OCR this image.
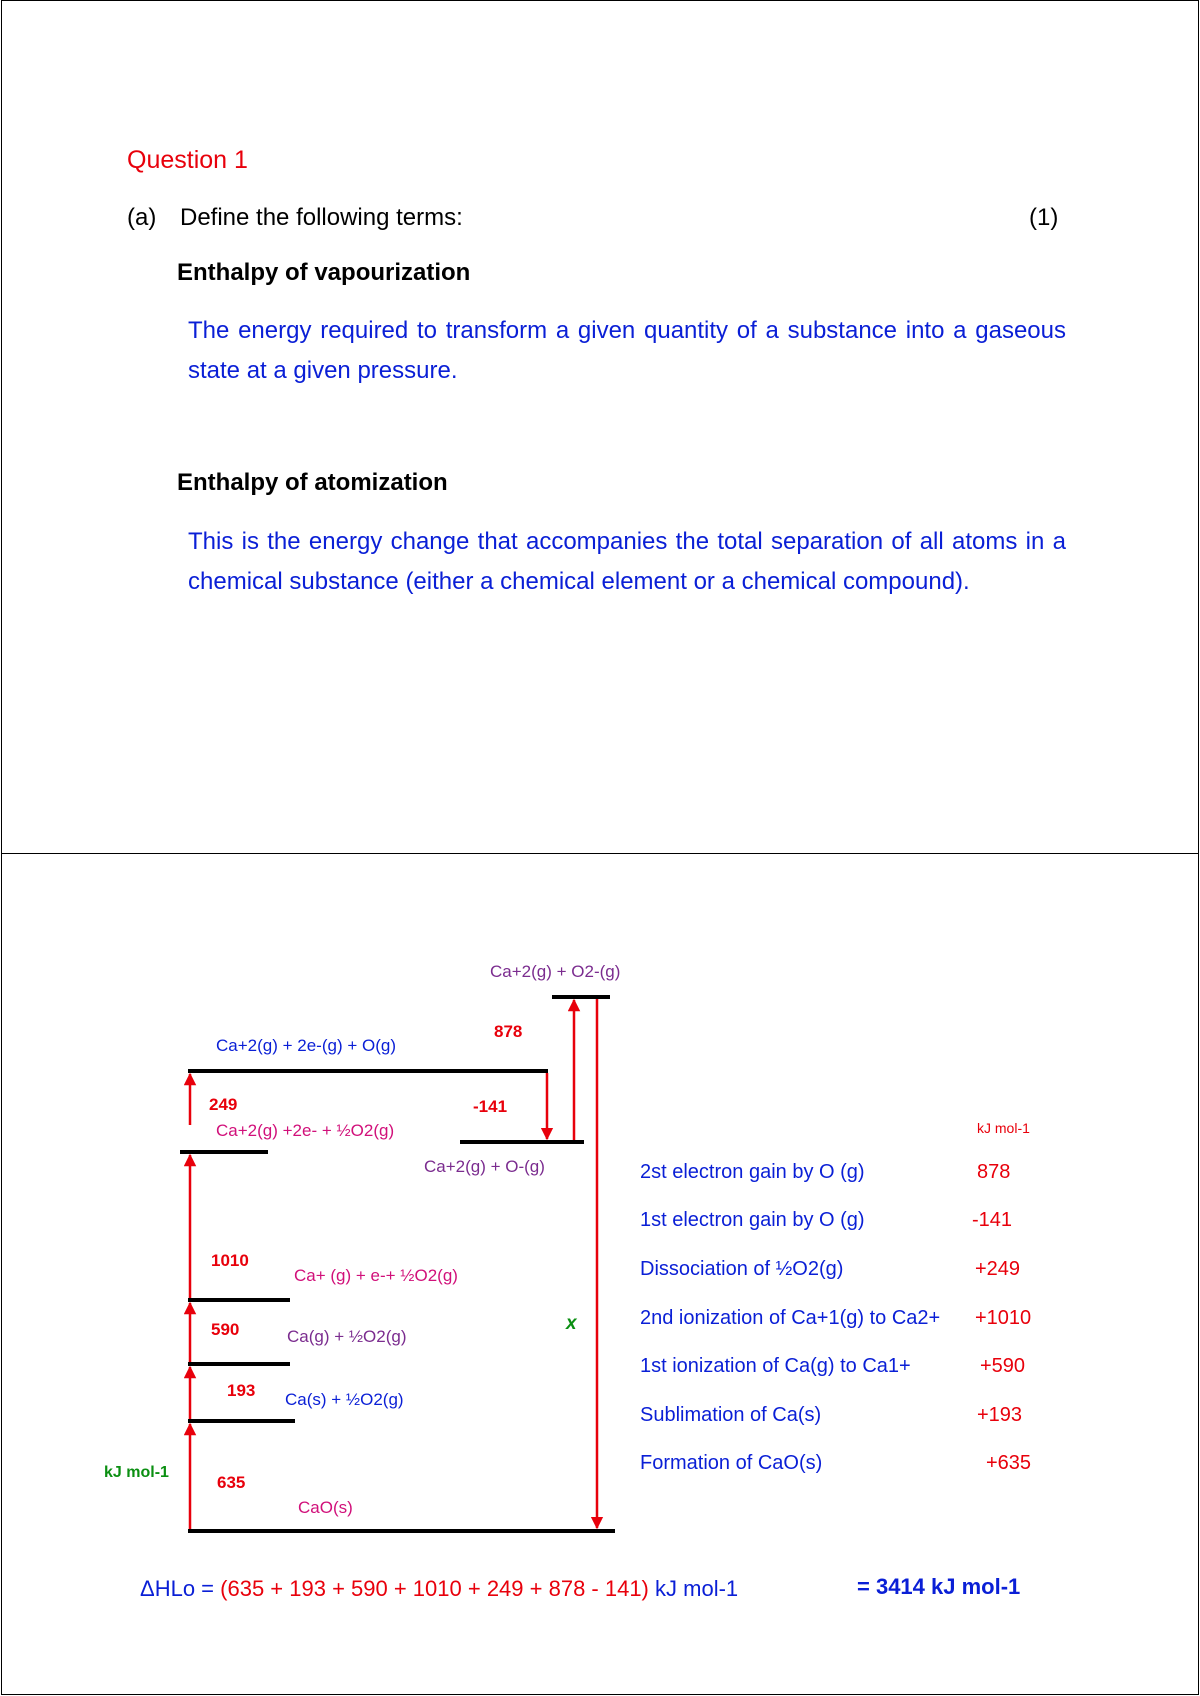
Question 1
(a) Define the following terms:	(1)
Enthalpy of vapourization
The energy required to transform a given quantity of a substance into a gaseous state at a given pressure.
Enthalpy of atomization
This is the energy change that accompanies the total separation of all atoms in a chemical substance (either a chemical element or a chemical compound).
Ca+2(g) + O2-(g)
Ca+2(g) + 2e-(g) + O(g)
Ca+2(g) +2e- + ½O2(g)
Ca+2(g) + O-(g)
Ca+ (g) + e-+ ½O2(g)
Ca(g) + ½O2(g)
Ca(s) + ½O2(g)
CaO(s)
878
-141
249
1010
590
193
635
x
kJ mol-1
kJ mol-1
2st electron gain by O (g)	878
1st electron gain by O (g)	-141
Dissociation of ½O2(g)	+249
2nd ionization of Ca+1(g) to Ca2+ +1010
1st ionization of Ca(g) to Ca1+	+590
Sublimation of Ca(s)	+193
Formation of CaO(s)	+635
ΔHLo = (635 + 193 + 590 + 1010 + 249 + 878 - 141) kJ mol-1	= 3414 kJ mol-1
